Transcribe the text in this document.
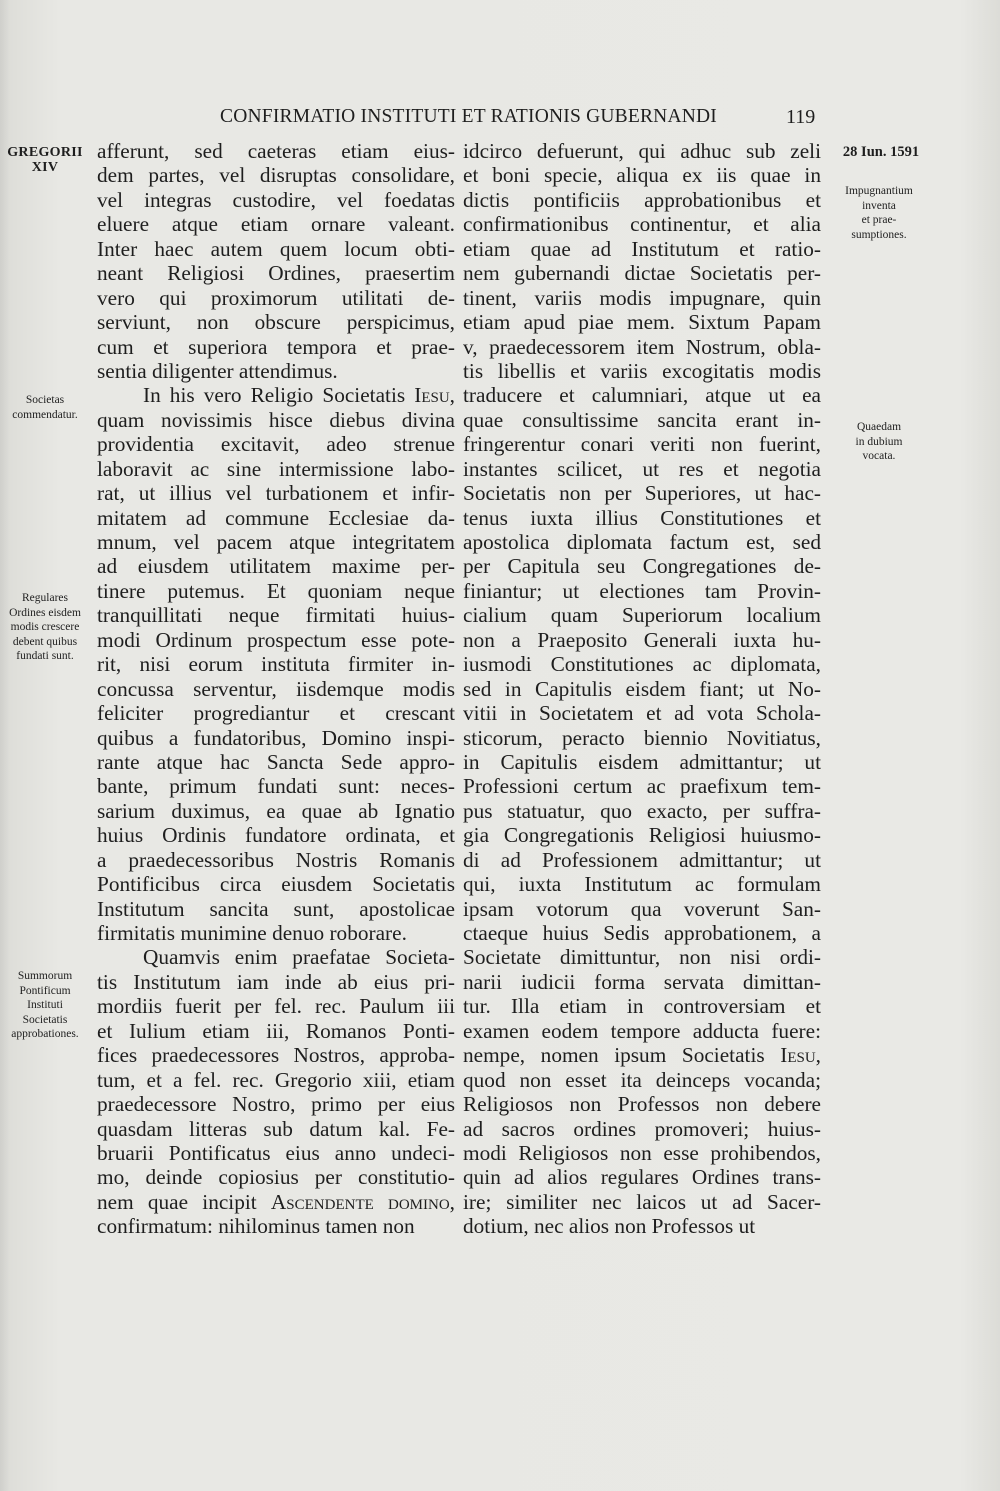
CONFIRMATIO INSTITUTI ET RATIONIS GUBERNANDI	119
GREGORII
XIV
Societas
commendatur.
Regulares
Ordines eisdem
modis crescere
debent quibus
fundati sunt.
Summorum
Pontificum
Instituti
Societatis
approbationes.
28 Iun. 1591
Impugnantium
inventa
et prae-
sumptiones.
Quaedam
in dubium
vocata.
afferunt, sed caeteras etiam eius-
dem partes, vel disruptas consolidare,
vel integras custodire, vel foedatas
eluere atque etiam ornare valeant.
Inter haec autem quem locum obti-
neant Religiosi Ordines, praesertim
vero qui proximorum utilitati de-
serviunt, non obscure perspicimus,
cum et superiora tempora et prae-
sentia diligenter attendimus.
In his vero Religio Societatis Iesu,
quam novissimis hisce diebus divina
providentia excitavit, adeo strenue
laboravit ac sine intermissione labo-
rat, ut illius vel turbationem et infir-
mitatem ad commune Ecclesiae da-
mnum, vel pacem atque integritatem
ad eiusdem utilitatem maxime per-
tinere putemus. Et quoniam neque
tranquillitati neque firmitati huius-
modi Ordinum prospectum esse pote-
rit, nisi eorum instituta firmiter in-
concussa serventur, iisdemque modis
feliciter progrediantur et crescant
quibus a fundatoribus, Domino inspi-
rante atque hac Sancta Sede appro-
bante, primum fundati sunt: neces-
sarium duximus, ea quae ab Ignatio
huius Ordinis fundatore ordinata, et
a praedecessoribus Nostris Romanis
Pontificibus circa eiusdem Societatis
Institutum sancita sunt, apostolicae
firmitatis munimine denuo roborare.
Quamvis enim praefatae Societa-
tis Institutum iam inde ab eius pri-
mordiis fuerit per fel. rec. Paulum iii
et Iulium etiam iii, Romanos Ponti-
fices praedecessores Nostros, approba-
tum, et a fel. rec. Gregorio xiii, etiam
praedecessore Nostro, primo per eius
quasdam litteras sub datum kal. Fe-
bruarii Pontificatus eius anno undeci-
mo, deinde copiosius per constitutio-
nem quae incipit Ascendente domino,
confirmatum: nihilominus tamen non
idcirco defuerunt, qui adhuc sub zeli
et boni specie, aliqua ex iis quae in
dictis pontificiis approbationibus et
confirmationibus continentur, et alia
etiam quae ad Institutum et ratio-
nem gubernandi dictae Societatis per-
tinent, variis modis impugnare, quin
etiam apud piae mem. Sixtum Papam
v, praedecessorem item Nostrum, obla-
tis libellis et variis excogitatis modis
traducere et calumniari, atque ut ea
quae consultissime sancita erant in-
fringerentur conari veriti non fuerint,
instantes scilicet, ut res et negotia
Societatis non per Superiores, ut hac-
tenus iuxta illius Constitutiones et
apostolica diplomata factum est, sed
per Capitula seu Congregationes de-
finiantur; ut electiones tam Provin-
cialium quam Superiorum localium
non a Praeposito Generali iuxta hu-
iusmodi Constitutiones ac diplomata,
sed in Capitulis eisdem fiant; ut No-
vitii in Societatem et ad vota Schola-
sticorum, peracto biennio Novitiatus,
in Capitulis eisdem admittantur; ut
Professioni certum ac praefixum tem-
pus statuatur, quo exacto, per suffra-
gia Congregationis Religiosi huiusmo-
di ad Professionem admittantur; ut
qui, iuxta Institutum ac formulam
ipsam votorum qua voverunt San-
ctaeque huius Sedis approbationem, a
Societate dimittuntur, non nisi ordi-
narii iudicii forma servata dimittan-
tur. Illa etiam in controversiam et
examen eodem tempore adducta fuere:
nempe, nomen ipsum Societatis Iesu,
quod non esset ita deinceps vocanda;
Religiosos non Professos non debere
ad sacros ordines promoveri; huius-
modi Religiosos non esse prohibendos,
quin ad alios regulares Ordines trans-
ire; similiter nec laicos ut ad Sacer-
dotium, nec alios non Professos ut
